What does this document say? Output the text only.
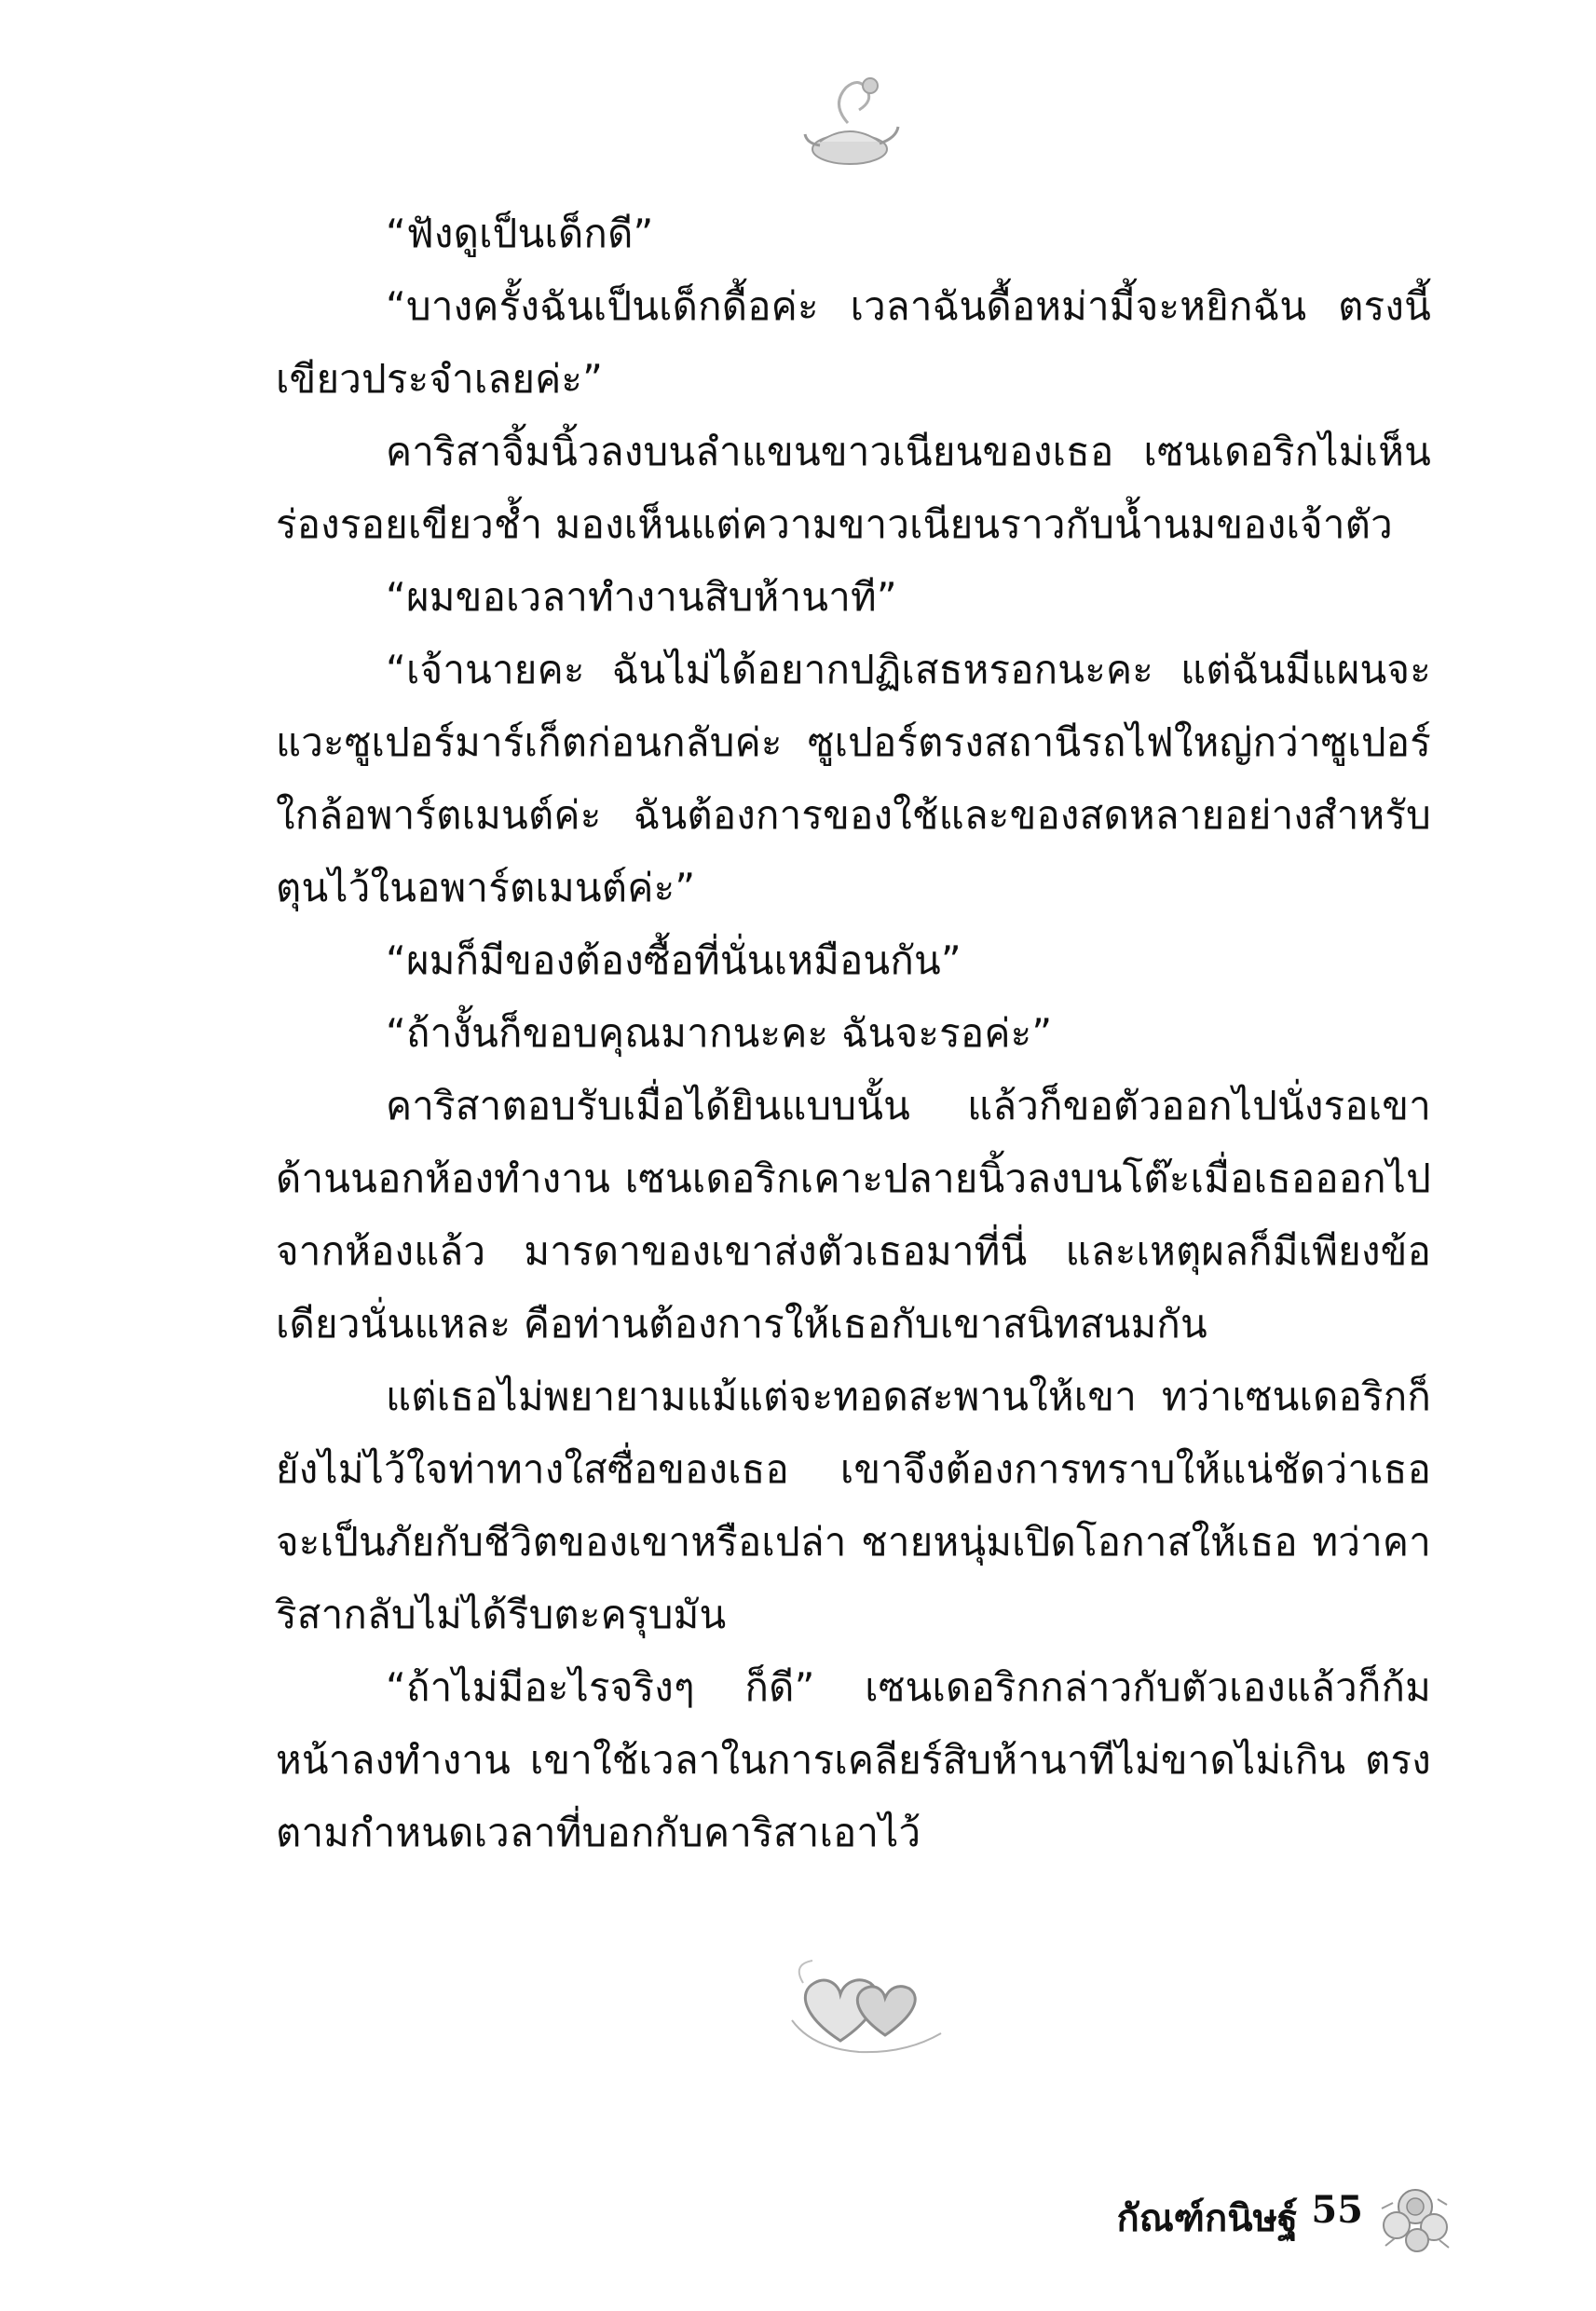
“ฟังดูเป็นเด็กดี”

“บางครั้งฉันเป็นเด็กดื้อค่ะ เวลาฉันดื้อหม่ามี้จะหยิกฉัน ตรงนี้เขียวประจำเลยค่ะ”

คาริสาจิ้มนิ้วลงบนลำแขนขาวเนียนของเธอ เซนเดอริกไม่เห็นร่องรอยเขียวช้ำ มองเห็นแต่ความขาวเนียนราวกับน้ำนมของเจ้าตัว

“ผมขอเวลาทำงานสิบห้านาที”

“เจ้านายคะ ฉันไม่ได้อยากปฏิเสธหรอกนะคะ แต่ฉันมีแผนจะแวะซูเปอร์มาร์เก็ตก่อนกลับค่ะ ซูเปอร์ตรงสถานีรถไฟใหญ่กว่าซูเปอร์ใกล้อพาร์ตเมนต์ค่ะ ฉันต้องการของใช้และของสดหลายอย่างสำหรับตุนไว้ในอพาร์ตเมนต์ค่ะ”

“ผมก็มีของต้องซื้อที่นั่นเหมือนกัน”

“ถ้างั้นก็ขอบคุณมากนะคะ ฉันจะรอค่ะ”

คาริสาตอบรับเมื่อได้ยินแบบนั้น แล้วก็ขอตัวออกไปนั่งรอเขาด้านนอกห้องทำงาน เซนเดอริกเคาะปลายนิ้วลงบนโต๊ะเมื่อเธอออกไปจากห้องแล้ว มารดาของเขาส่งตัวเธอมาที่นี่ และเหตุผลก็มีเพียงข้อเดียวนั่นแหละ คือท่านต้องการให้เธอกับเขาสนิทสนมกัน

แต่เธอไม่พยายามแม้แต่จะทอดสะพานให้เขา ทว่าเซนเดอริกก็ยังไม่ไว้ใจท่าทางใสซื่อของเธอ เขาจึงต้องการทราบให้แน่ชัดว่าเธอจะเป็นภัยกับชีวิตของเขาหรือเปล่า ชายหนุ่มเปิดโอกาสให้เธอ ทว่าคาริสากลับไม่ได้รีบตะครุบมัน

“ถ้าไม่มีอะไรจริงๆ ก็ดี” เซนเดอริกกล่าวกับตัวเองแล้วก็ก้มหน้าลงทำงาน เขาใช้เวลาในการเคลียร์สิบห้านาทีไม่ขาดไม่เกิน ตรงตามกำหนดเวลาที่บอกกับคาริสาเอาไว้

กัณฑ์กนิษฐ์ 55
